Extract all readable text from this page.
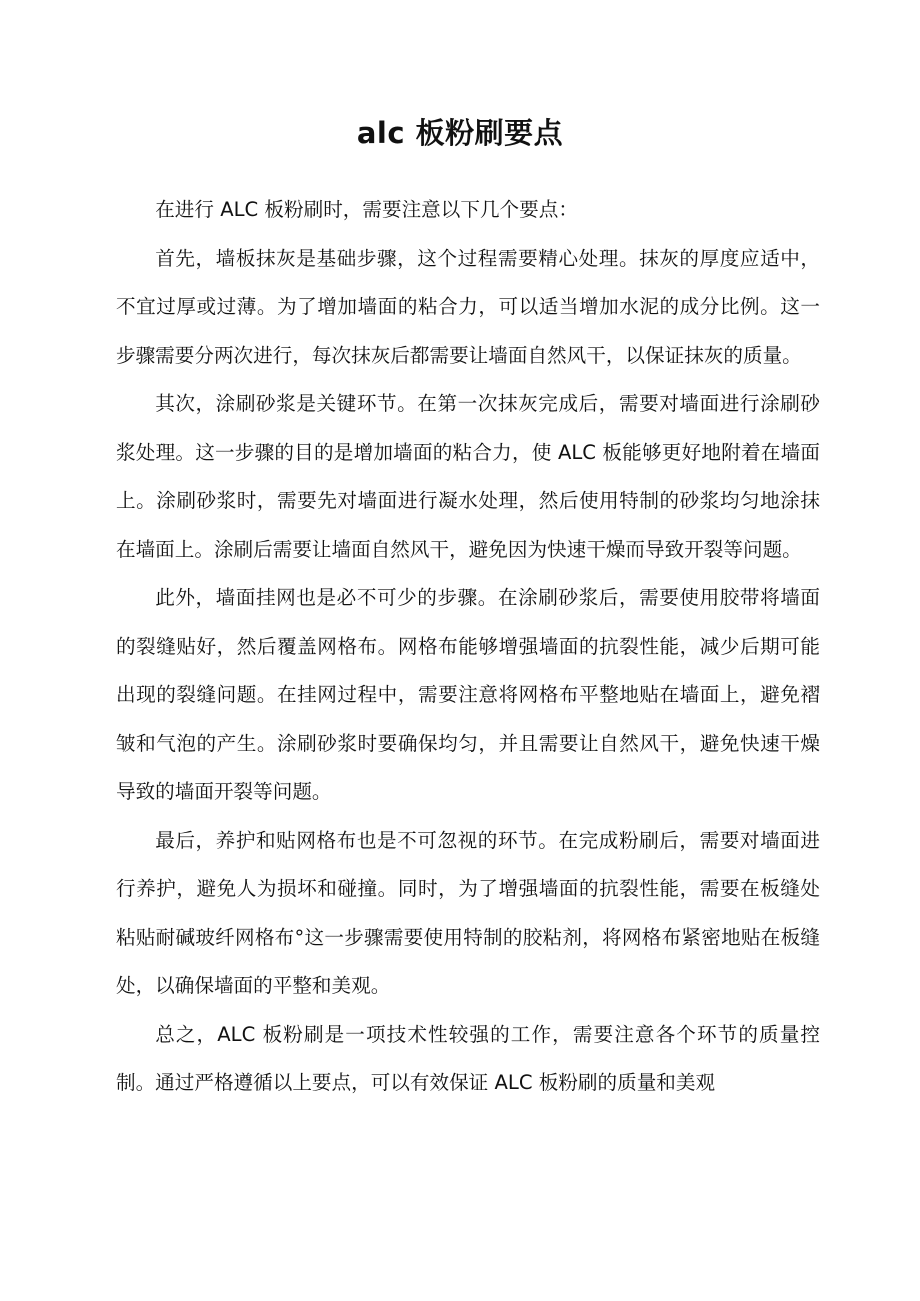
alc 板粉刷要点

在进行 ALC 板粉刷时，需要注意以下几个要点：

首先，墙板抹灰是基础步骤，这个过程需要精心处理。抹灰的厚度应适中，不宜过厚或过薄。为了增加墙面的粘合力，可以适当增加水泥的成分比例。这一步骤需要分两次进行，每次抹灰后都需要让墙面自然风干，以保证抹灰的质量。

其次，涂刷砂浆是关键环节。在第一次抹灰完成后，需要对墙面进行涂刷砂浆处理。这一步骤的目的是增加墙面的粘合力，使 ALC 板能够更好地附着在墙面上。涂刷砂浆时，需要先对墙面进行凝水处理，然后使用特制的砂浆均匀地涂抹在墙面上。涂刷后需要让墙面自然风干，避免因为快速干燥而导致开裂等问题。

此外，墙面挂网也是必不可少的步骤。在涂刷砂浆后，需要使用胶带将墙面的裂缝贴好，然后覆盖网格布。网格布能够增强墙面的抗裂性能，减少后期可能出现的裂缝问题。在挂网过程中，需要注意将网格布平整地贴在墙面上，避免褶皱和气泡的产生。涂刷砂浆时要确保均匀，并且需要让自然风干，避免快速干燥导致的墙面开裂等问题。

最后，养护和贴网格布也是不可忽视的环节。在完成粉刷后，需要对墙面进行养护，避免人为损坏和碰撞。同时，为了增强墙面的抗裂性能，需要在板缝处粘贴耐碱玻纤网格布°这一步骤需要使用特制的胶粘剂，将网格布紧密地贴在板缝处，以确保墙面的平整和美观。

总之，ALC 板粉刷是一项技术性较强的工作，需要注意各个环节的质量控制。通过严格遵循以上要点，可以有效保证 ALC 板粉刷的质量和美观
